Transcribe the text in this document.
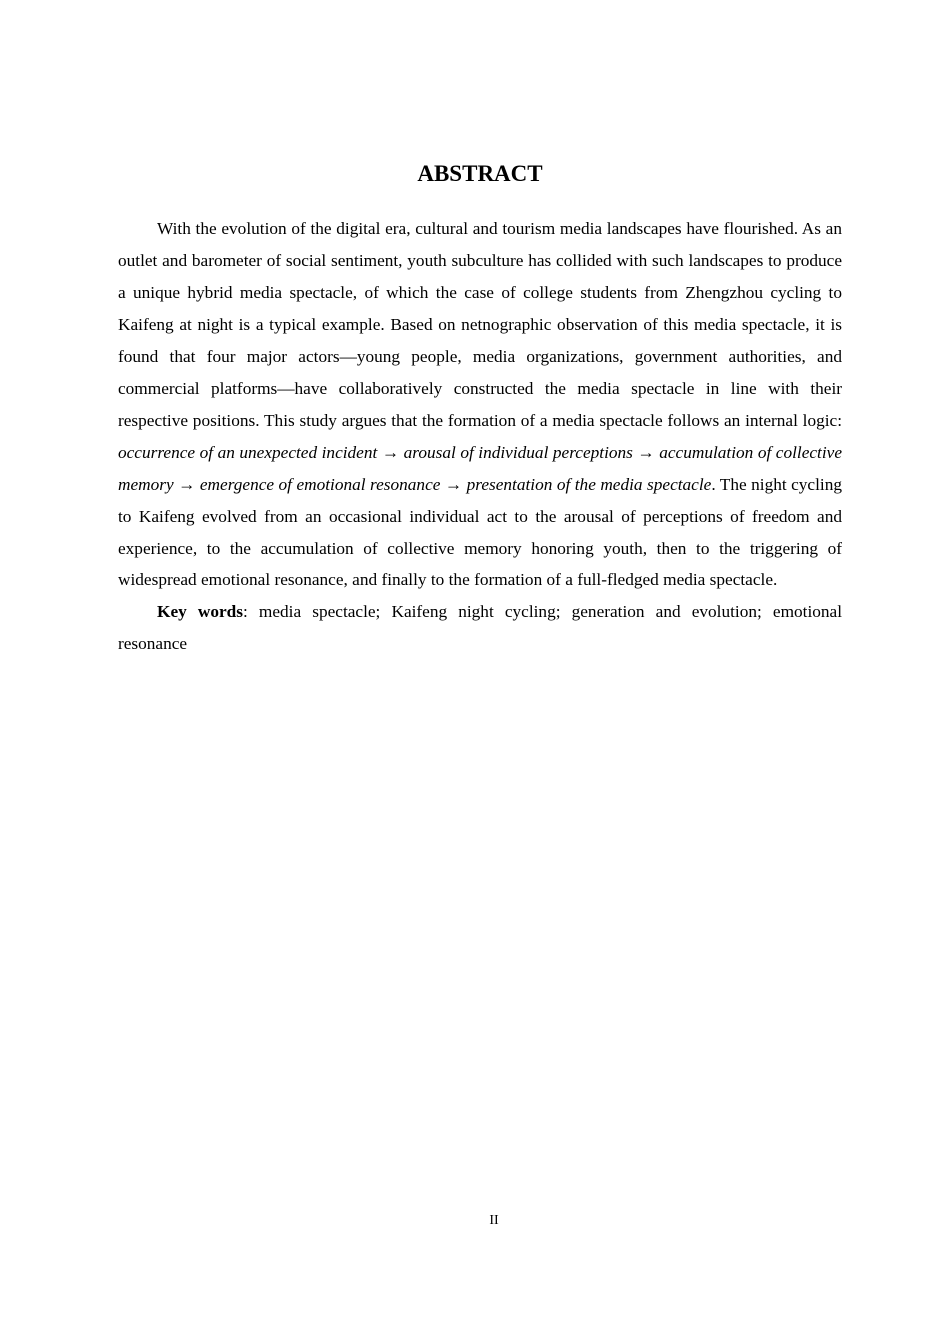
ABSTRACT

With the evolution of the digital era, cultural and tourism media landscapes have flourished. As an outlet and barometer of social sentiment, youth subculture has collided with such landscapes to produce a unique hybrid media spectacle, of which the case of college students from Zhengzhou cycling to Kaifeng at night is a typical example. Based on netnographic observation of this media spectacle, it is found that four major actors—young people, media organizations, government authorities, and commercial platforms—have collaboratively constructed the media spectacle in line with their respective positions. This study argues that the formation of a media spectacle follows an internal logic: occurrence of an unexpected incident → arousal of individual perceptions → accumulation of collective memory → emergence of emotional resonance → presentation of the media spectacle. The night cycling to Kaifeng evolved from an occasional individual act to the arousal of perceptions of freedom and experience, to the accumulation of collective memory honoring youth, then to the triggering of widespread emotional resonance, and finally to the formation of a full-fledged media spectacle.

Key words: media spectacle; Kaifeng night cycling; generation and evolution; emotional resonance

II
